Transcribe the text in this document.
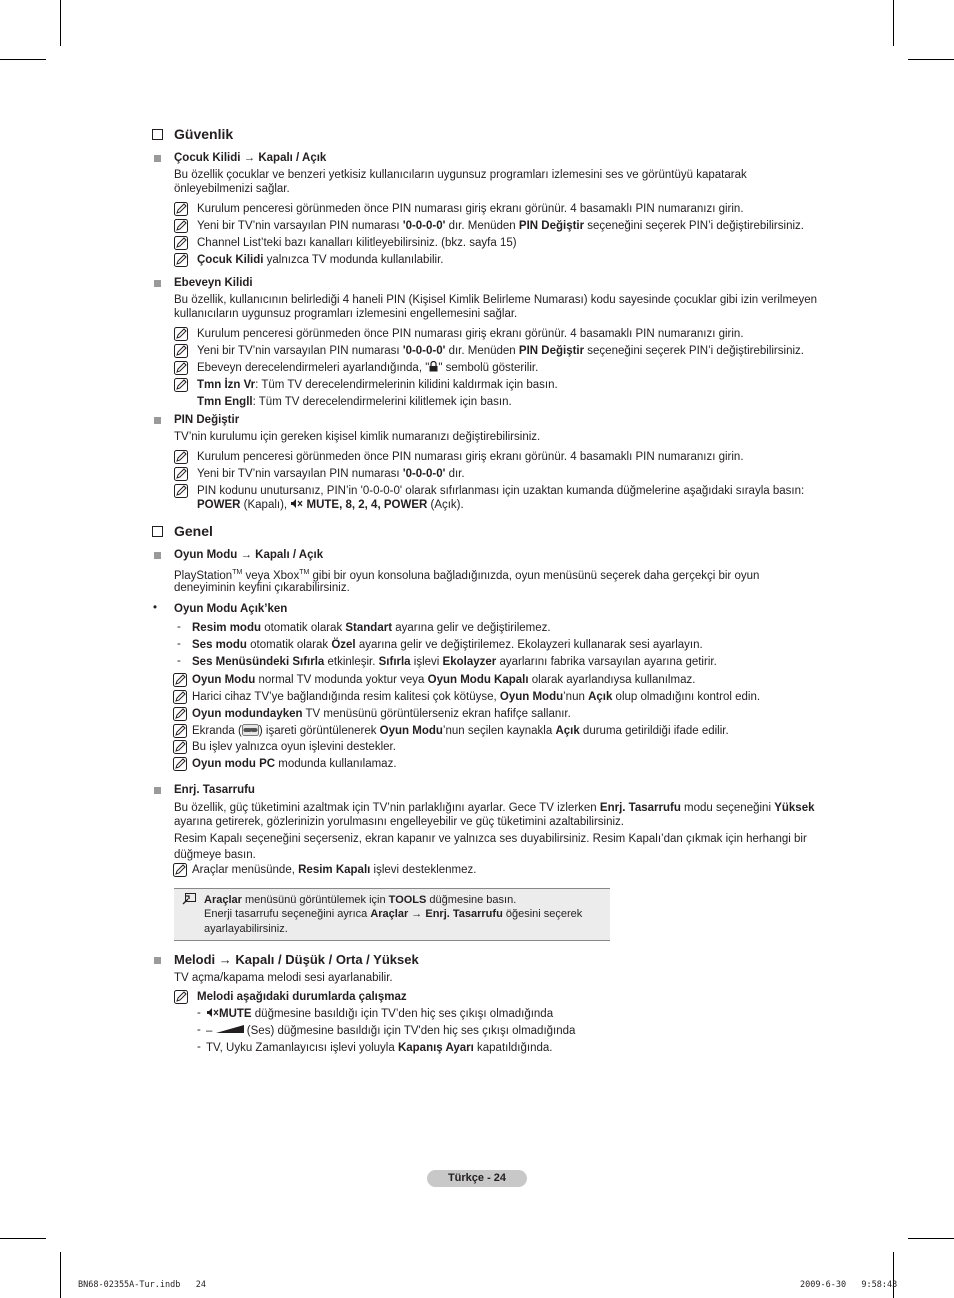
Güvenlik
Çocuk Kilidi → Kapalı / Açık
Bu özellik çocuklar ve benzeri yetkisiz kullanıcıların uygunsuz programları izlemesini ses ve görüntüyü kapatarak
önleyebilmenizi sağlar.
Kurulum penceresi görünmeden önce PIN numarası giriş ekranı görünür. 4 basamaklı PIN numaranızı girin.
Yeni bir TV’nin varsayılan PIN numarası '0-0-0-0' dır. Menüden PIN Değiştir seçeneğini seçerek PIN’i değiştirebilirsiniz.
Channel List’teki bazı kanalları kilitleyebilirsiniz. (bkz. sayfa 15)
Çocuk Kilidi yalnızca TV modunda kullanılabilir.
Ebeveyn Kilidi
Bu özellik, kullanıcının belirlediği 4 haneli PIN (Kişisel Kimlik Belirleme Numarası) kodu sayesinde çocuklar gibi izin verilmeyen
kullanıcıların uygunsuz programları izlemesini engellemesini sağlar.
Kurulum penceresi görünmeden önce PIN numarası giriş ekranı görünür. 4 basamaklı PIN numaranızı girin.
Yeni bir TV’nin varsayılan PIN numarası '0-0-0-0' dır. Menüden PIN Değiştir seçeneğini seçerek PIN’i değiştirebilirsiniz.
Ebeveyn derecelendirmeleri ayarlandığında, " " sembolü gösterilir.
Tmn İzn Vr: Tüm TV derecelendirmelerinin kilidini kaldırmak için basın.
Tmn Engll: Tüm TV derecelendirmelerini kilitlemek için basın.
PIN Değiştir
TV’nin kurulumu için gereken kişisel kimlik numaranızı değiştirebilirsiniz.
Kurulum penceresi görünmeden önce PIN numarası giriş ekranı görünür. 4 basamaklı PIN numaranızı girin.
Yeni bir TV’nin varsayılan PIN numarası '0-0-0-0' dır.
PIN kodunu unutursanız, PIN’in '0-0-0-0' olarak sıfırlanması için uzaktan kumanda düğmelerine aşağıdaki sırayla basın:
POWER (Kapalı),  MUTE, 8, 2, 4, POWER (Açık).
Genel
Oyun Modu → Kapalı / Açık
PlayStation™ veya Xbox™ gibi bir oyun konsoluna bağladığınızda, oyun menüsünü seçerek daha gerçekçi bir oyun
deneyiminin keyfini çıkarabilirsiniz.
• Oyun Modu Açık’ken
- Resim modu otomatik olarak Standart ayarına gelir ve değiştirilemez.
- Ses modu otomatik olarak Özel ayarına gelir ve değiştirilemez. Ekolayzeri kullanarak sesi ayarlayın.
- Ses Menüsündeki Sıfırla etkinleşir. Sıfırla işlevi Ekolayzer ayarlarını fabrika varsayılan ayarına getirir.
Oyun Modu normal TV modunda yoktur veya Oyun Modu Kapalı olarak ayarlandıysa kullanılmaz.
Harici cihaz TV’ye bağlandığında resim kalitesi çok kötüyse, Oyun Modu’nun Açık olup olmadığını kontrol edin.
Oyun modundayken TV menüsünü görüntülerseniz ekran hafifçe sallanır.
Ekranda ( ) işareti görüntülenerek Oyun Modu’nun seçilen kaynakla Açık duruma getirildiği ifade edilir.
Bu işlev yalnızca oyun işlevini destekler.
Oyun modu PC modunda kullanılamaz.
Enrj. Tasarrufu
Bu özellik, güç tüketimini azaltmak için TV’nin parlaklığını ayarlar. Gece TV izlerken Enrj. Tasarrufu modu seçeneğini Yüksek
ayarına getirerek, gözlerinizin yorulmasını engelleyebilir ve güç tüketimini azaltabilirsiniz.
Resim Kapalı seçeneğini seçerseniz, ekran kapanır ve yalnızca ses duyabilirsiniz. Resim Kapalı’dan çıkmak için herhangi bir
düğmeye basın.
Araçlar menüsünde, Resim Kapalı işlevi desteklenmez.
Araçlar menüsünü görüntülemek için TOOLS düğmesine basın.
Enerji tasarrufu seçeneğini ayrıca Araçlar → Enrj. Tasarrufu öğesini seçerek
ayarlayabilirsiniz.
Melodi → Kapalı / Düşük / Orta / Yüksek
TV açma/kapama melodi sesi ayarlanabilir.
Melodi aşağıdaki durumlarda çalışmaz
-	MUTE düğmesine basıldığı için TV’den hiç ses çıkışı olmadığında
- –	(Ses) düğmesine basıldığı için TV'den hiç ses çıkışı olmadığında
- TV, Uyku Zamanlayıcısı işlevi yoluyla Kapanış Ayarı kapatıldığında.
Türkçe - 24
BN68-02355A-Tur.indb   24	2009-6-30   9:58:43
